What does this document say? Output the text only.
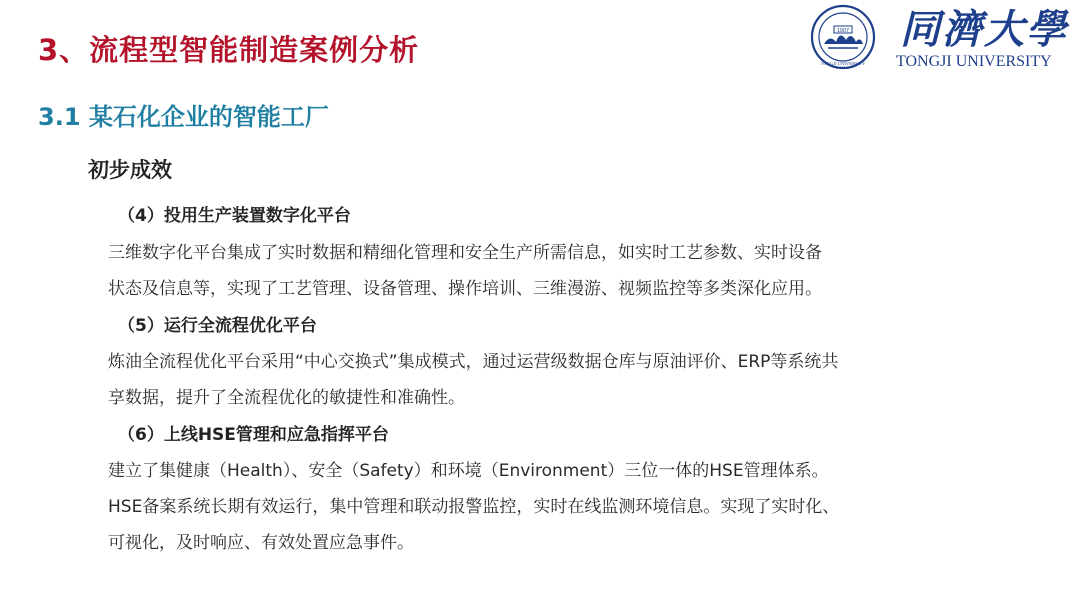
3、流程型智能制造案例分析
1907
TONGJI UNIVERSITY
同濟大學
TONGJI UNIVERSITY
3.1 某石化企业的智能工厂
初步成效
（4）投用生产装置数字化平台
三维数字化平台集成了实时数据和精细化管理和安全生产所需信息，如实时工艺参数、实时设备
状态及信息等，实现了工艺管理、设备管理、操作培训、三维漫游、视频监控等多类深化应用。
（5）运行全流程优化平台
炼油全流程优化平台采用“中心交换式”集成模式，通过运营级数据仓库与原油评价、ERP等系统共
享数据，提升了全流程优化的敏捷性和准确性。
（6）上线HSE管理和应急指挥平台
建立了集健康（Health）、安全（Safety）和环境（Environment）三位一体的HSE管理体系。
HSE备案系统长期有效运行，集中管理和联动报警监控，实时在线监测环境信息。实现了实时化、
可视化，及时响应、有效处置应急事件。
